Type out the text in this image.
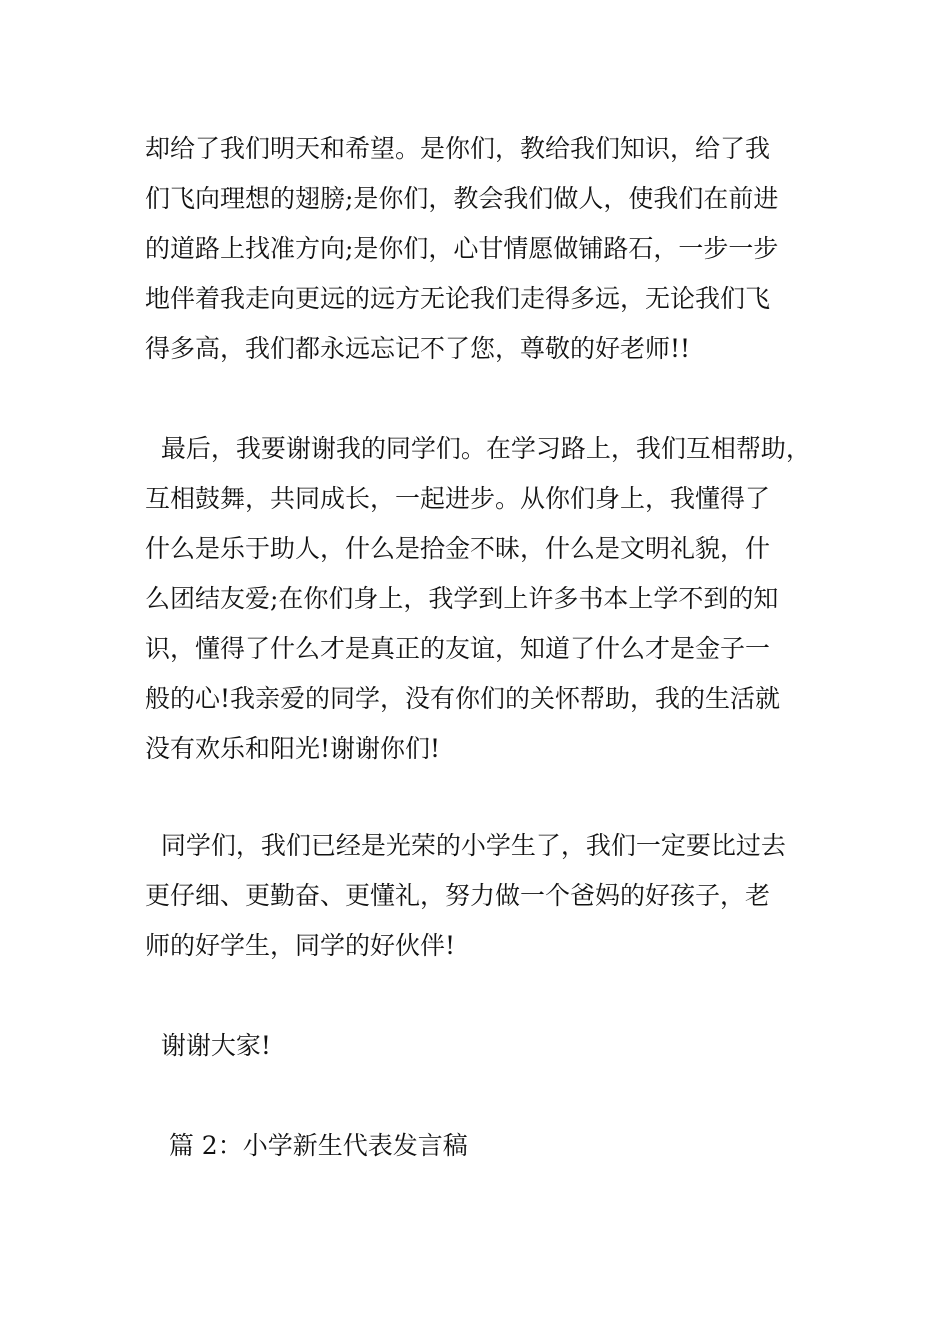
却给了我们明天和希望。是你们，教给我们知识，给了我

们飞向理想的翅膀;是你们，教会我们做人，使我们在前进

的道路上找准方向;是你们，心甘情愿做铺路石，一步一步

地伴着我走向更远的远方无论我们走得多远，无论我们飞

得多高，我们都永远忘记不了您，尊敬的好老师!!

最后，我要谢谢我的同学们。在学习路上，我们互相帮助，

互相鼓舞，共同成长，一起进步。从你们身上，我懂得了

什么是乐于助人，什么是拾金不昧，什么是文明礼貌，什

么团结友爱;在你们身上，我学到上许多书本上学不到的知

识，懂得了什么才是真正的友谊，知道了什么才是金子一

般的心!我亲爱的同学，没有你们的关怀帮助，我的生活就

没有欢乐和阳光!谢谢你们!

同学们，我们已经是光荣的小学生了，我们一定要比过去

更仔细、更勤奋、更懂礼，努力做一个爸妈的好孩子，老

师的好学生，同学的好伙伴!

谢谢大家!

篇 2：小学新生代表发言稿
